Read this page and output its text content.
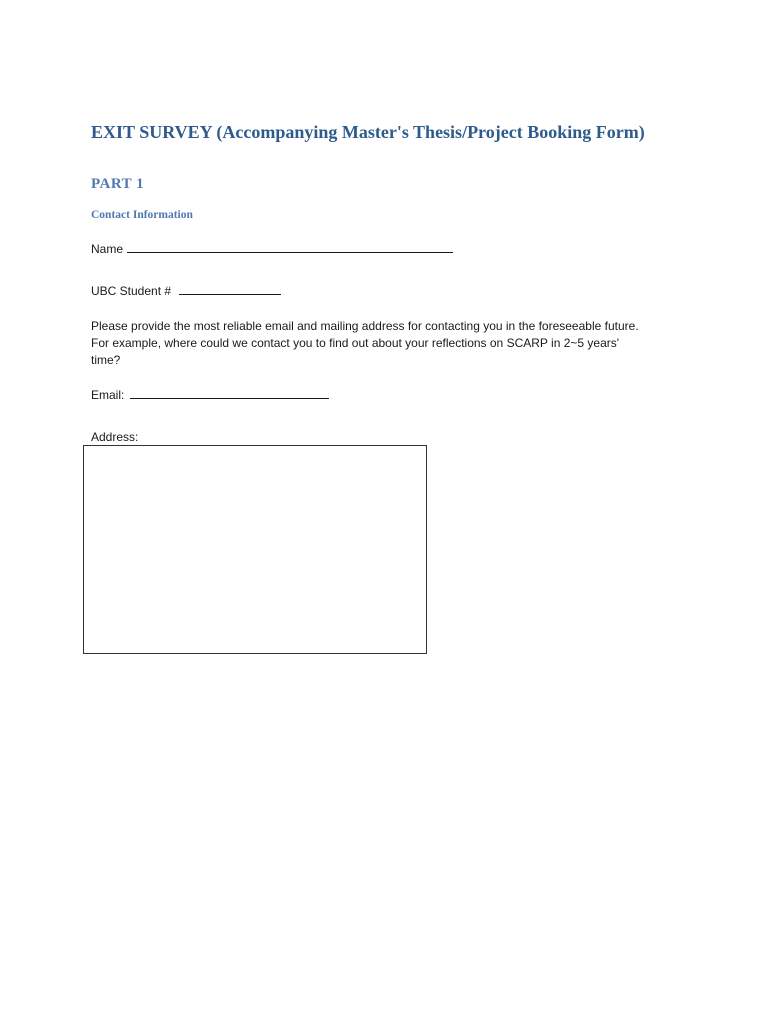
EXIT SURVEY (Accompanying Master's Thesis/Project Booking Form)
PART 1
Contact Information
Name
UBC Student #
Please provide the most reliable email and mailing address for contacting you in the foreseeable future.
For example, where could we contact you to find out about your reflections on SCARP in 2~5 years'
time?
Email:
Address:
